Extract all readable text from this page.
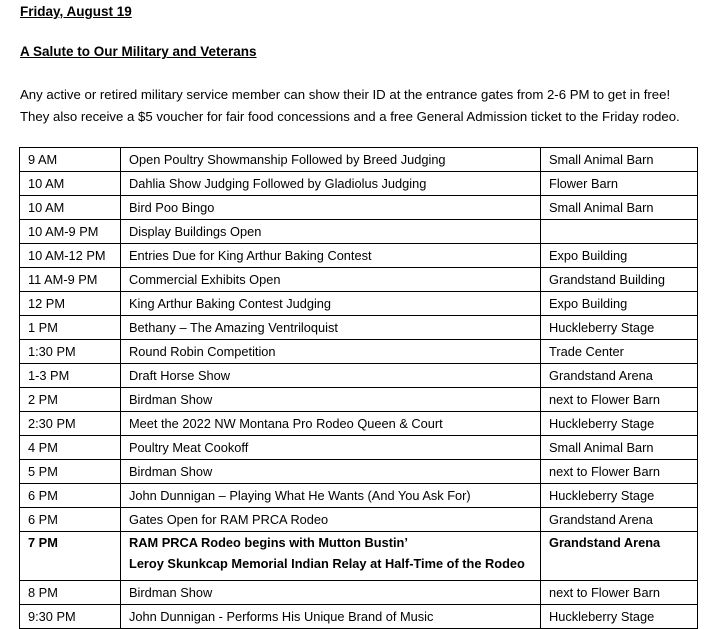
Friday, August 19
A Salute to Our Military and Veterans

Any active or retired military service member can show their ID at the entrance gates from 2-6 PM to get in free!
They also receive a $5 voucher for fair food concessions and a free General Admission ticket to the Friday rodeo.

9 AM	Open Poultry Showmanship Followed by Breed Judging	Small Animal Barn
10 AM	Dahlia Show Judging Followed by Gladiolus Judging	Flower Barn
10 AM	Bird Poo Bingo	Small Animal Barn
10 AM-9 PM	Display Buildings Open	
10 AM-12 PM	Entries Due for King Arthur Baking Contest	Expo Building
11 AM-9 PM	Commercial Exhibits Open	Grandstand Building
12 PM	King Arthur Baking Contest Judging	Expo Building
1 PM	Bethany – The Amazing Ventriloquist	Huckleberry Stage
1:30 PM	Round Robin Competition	Trade Center
1-3 PM	Draft Horse Show	Grandstand Arena
2 PM	Birdman Show	next to Flower Barn
2:30 PM	Meet the 2022 NW Montana Pro Rodeo Queen & Court	Huckleberry Stage
4 PM	Poultry Meat Cookoff	Small Animal Barn
5 PM	Birdman Show	next to Flower Barn
6 PM	John Dunnigan – Playing What He Wants (And You Ask For)	Huckleberry Stage
6 PM	Gates Open for RAM PRCA Rodeo	Grandstand Arena
7 PM	RAM PRCA Rodeo begins with Mutton Bustin’
Leroy Skunkcap Memorial Indian Relay at Half-Time of the Rodeo	Grandstand Arena
8 PM	Birdman Show	next to Flower Barn
9:30 PM	John Dunnigan - Performs His Unique Brand of Music	Huckleberry Stage
